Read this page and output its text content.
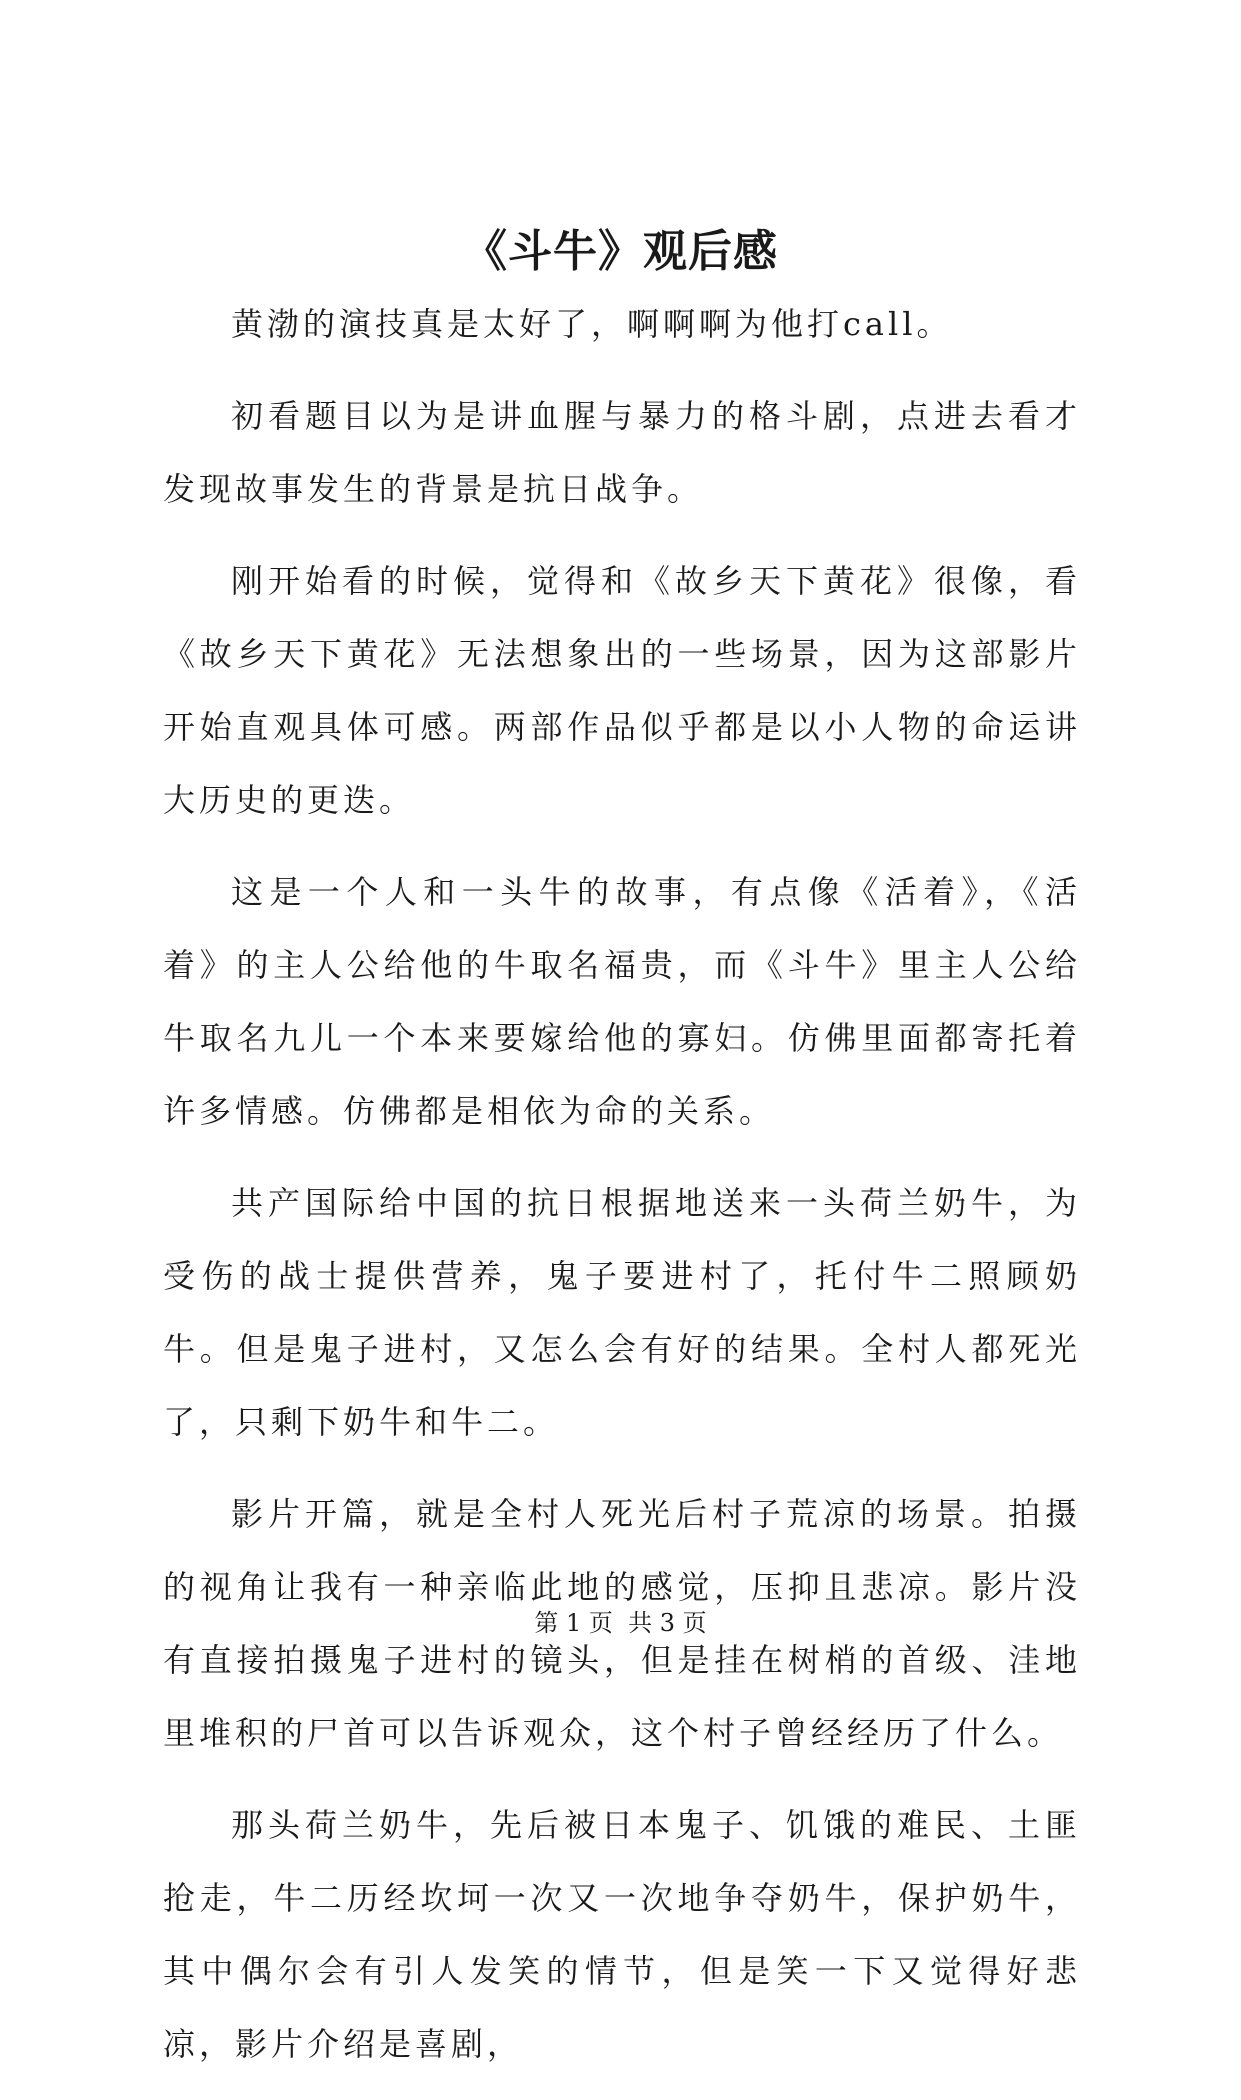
《斗牛》观后感

黄渤的演技真是太好了，啊啊啊为他打call。

初看题目以为是讲血腥与暴力的格斗剧，点进去看才发现故事发生的背景是抗日战争。

刚开始看的时候，觉得和《故乡天下黄花》很像，看《故乡天下黄花》无法想象出的一些场景，因为这部影片开始直观具体可感。两部作品似乎都是以小人物的命运讲大历史的更迭。

这是一个人和一头牛的故事，有点像《活着》，《活着》的主人公给他的牛取名福贵，而《斗牛》里主人公给牛取名九儿一个本来要嫁给他的寡妇。仿佛里面都寄托着许多情感。仿佛都是相依为命的关系。

共产国际给中国的抗日根据地送来一头荷兰奶牛，为受伤的战士提供营养，鬼子要进村了，托付牛二照顾奶牛。但是鬼子进村，又怎么会有好的结果。全村人都死光了，只剩下奶牛和牛二。

影片开篇，就是全村人死光后村子荒凉的场景。拍摄的视角让我有一种亲临此地的感觉，压抑且悲凉。影片没有直接拍摄鬼子进村的镜头，但是挂在树梢的首级、洼地里堆积的尸首可以告诉观众，这个村子曾经经历了什么。

那头荷兰奶牛，先后被日本鬼子、饥饿的难民、土匪抢走，牛二历经坎坷一次又一次地争夺奶牛，保护奶牛，其中偶尔会有引人发笑的情节，但是笑一下又觉得好悲凉，影片介绍是喜剧，

第 1 页  共 3 页
